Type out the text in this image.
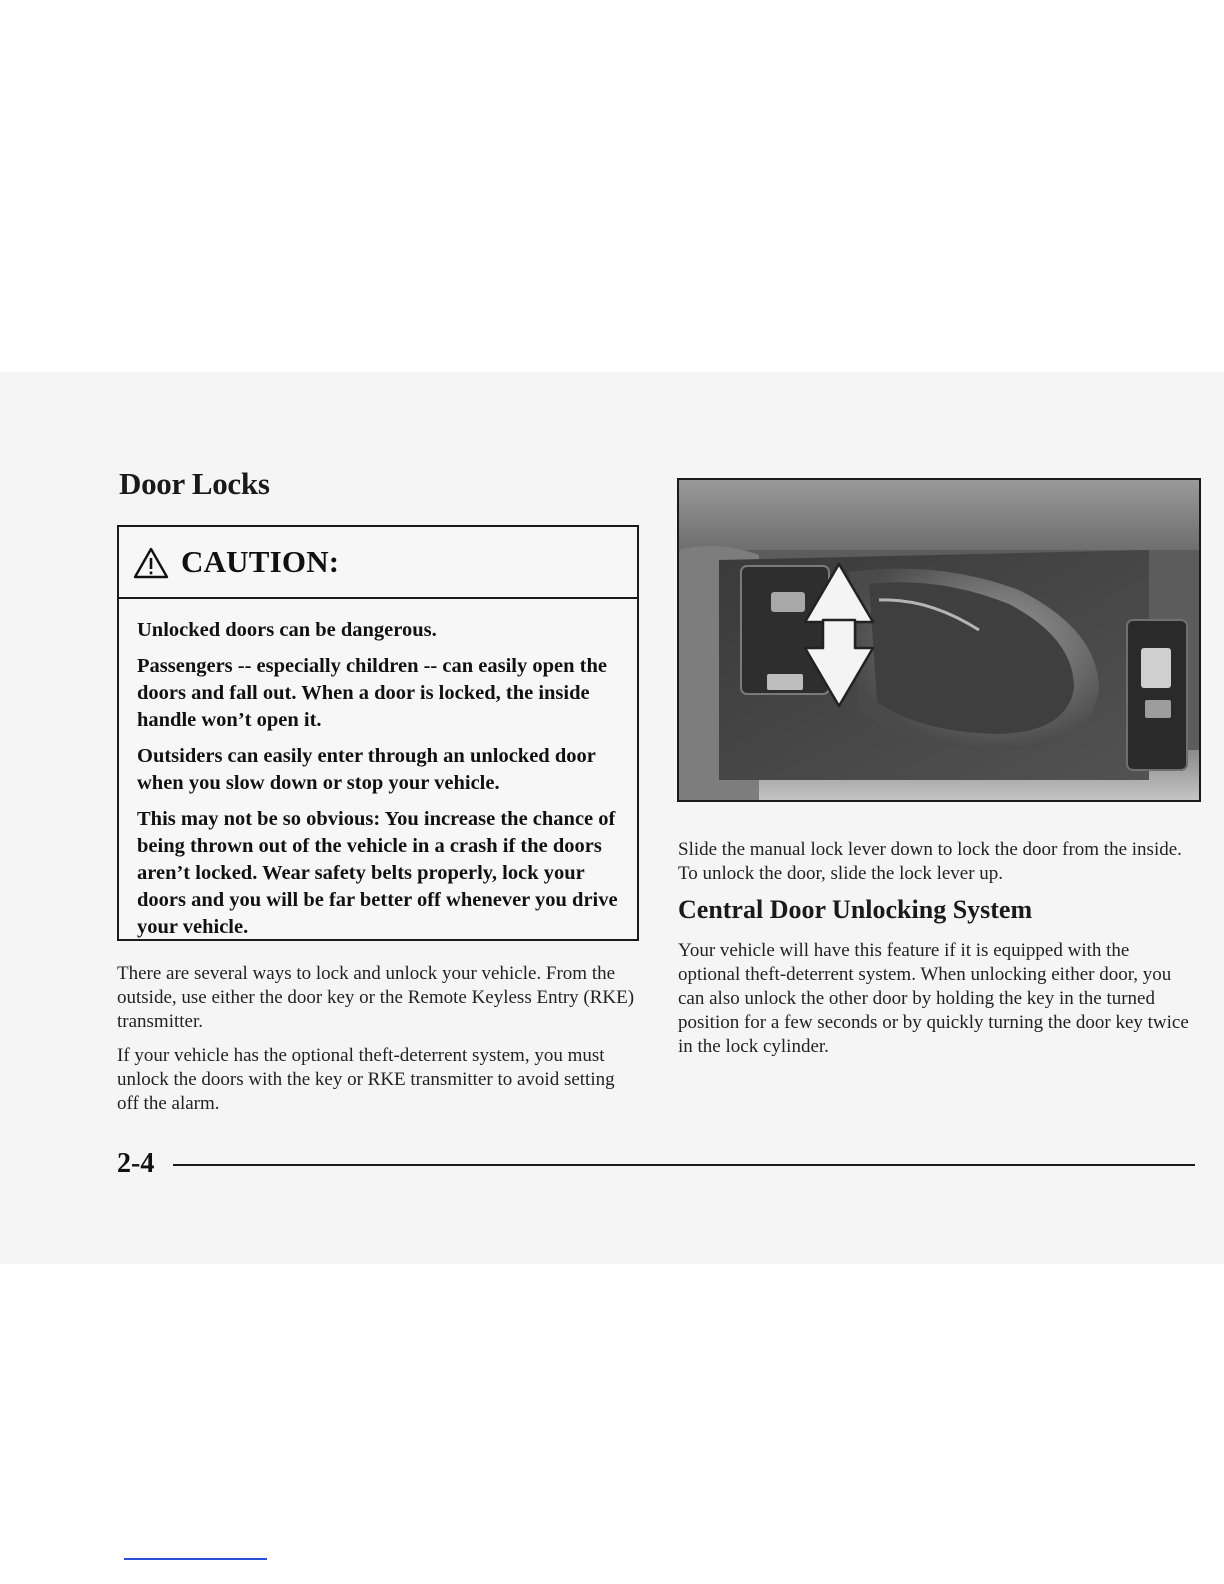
Door Locks
CAUTION:

Unlocked doors can be dangerous.

Passengers -- especially children -- can easily open the doors and fall out. When a door is locked, the inside handle won’t open it.

Outsiders can easily enter through an unlocked door when you slow down or stop your vehicle.

This may not be so obvious: You increase the chance of being thrown out of the vehicle in a crash if the doors aren’t locked. Wear safety belts properly, lock your doors and you will be far better off whenever you drive your vehicle.

There are several ways to lock and unlock your vehicle. From the outside, use either the door key or the Remote Keyless Entry (RKE) transmitter.

If your vehicle has the optional theft-deterrent system, you must unlock the doors with the key or RKE transmitter to avoid setting off the alarm.

Slide the manual lock lever down to lock the door from the inside. To unlock the door, slide the lock lever up.

Central Door Unlocking System

Your vehicle will have this feature if it is equipped with the optional theft-deterrent system. When unlocking either door, you can also unlock the other door by holding the key in the turned position for a few seconds or by quickly turning the door key twice in the lock cylinder.

2-4
